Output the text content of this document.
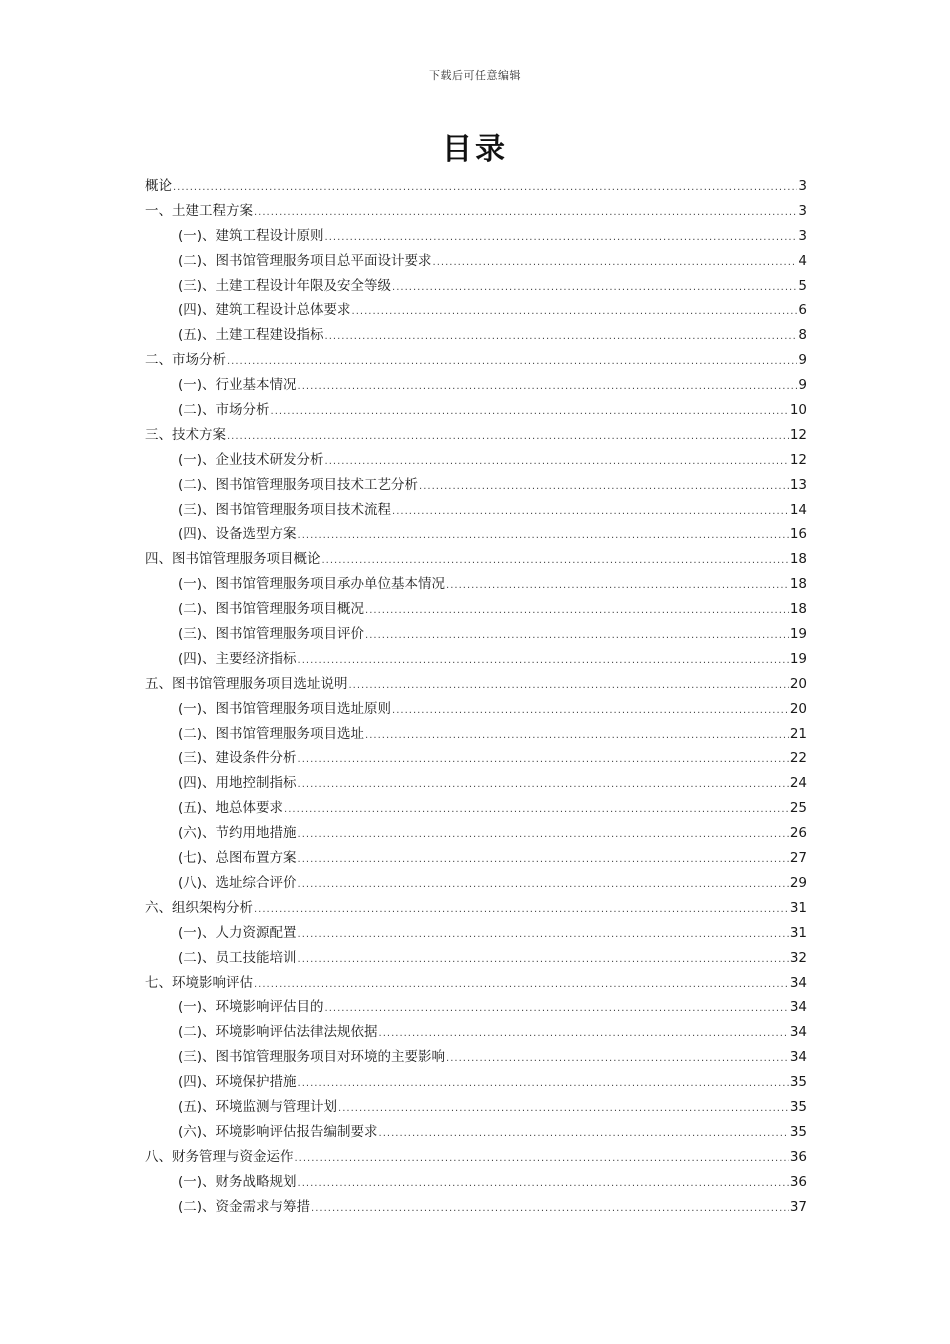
下载后可任意编辑
目录
概论 .....	3
一、土建工程方案 .....	3
(一)、建筑工程设计原则 .....	3
(二)、图书馆管理服务项目总平面设计要求 .....	4
(三)、土建工程设计年限及安全等级 .....	5
(四)、建筑工程设计总体要求 .....	6
(五)、土建工程建设指标 .....	8
二、市场分析 .....	9
(一)、行业基本情况 .....	9
(二)、市场分析 .....	10
三、技术方案 .....	12
(一)、企业技术研发分析 .....	12
(二)、图书馆管理服务项目技术工艺分析 .....	13
(三)、图书馆管理服务项目技术流程 .....	14
(四)、设备选型方案 .....	16
四、图书馆管理服务项目概论 .....	18
(一)、图书馆管理服务项目承办单位基本情况 .....	18
(二)、图书馆管理服务项目概况 .....	18
(三)、图书馆管理服务项目评价 .....	19
(四)、主要经济指标 .....	19
五、图书馆管理服务项目选址说明 .....	20
(一)、图书馆管理服务项目选址原则 .....	20
(二)、图书馆管理服务项目选址 .....	21
(三)、建设条件分析 .....	22
(四)、用地控制指标 .....	24
(五)、地总体要求 .....	25
(六)、节约用地措施 .....	26
(七)、总图布置方案 .....	27
(八)、选址综合评价 .....	29
六、组织架构分析 .....	31
(一)、人力资源配置 .....	31
(二)、员工技能培训 .....	32
七、环境影响评估 .....	34
(一)、环境影响评估目的 .....	34
(二)、环境影响评估法律法规依据 .....	34
(三)、图书馆管理服务项目对环境的主要影响 .....	34
(四)、环境保护措施 .....	35
(五)、环境监测与管理计划 .....	35
(六)、环境影响评估报告编制要求 .....	35
八、财务管理与资金运作 .....	36
(一)、财务战略规划 .....	36
(二)、资金需求与筹措 .....	37
